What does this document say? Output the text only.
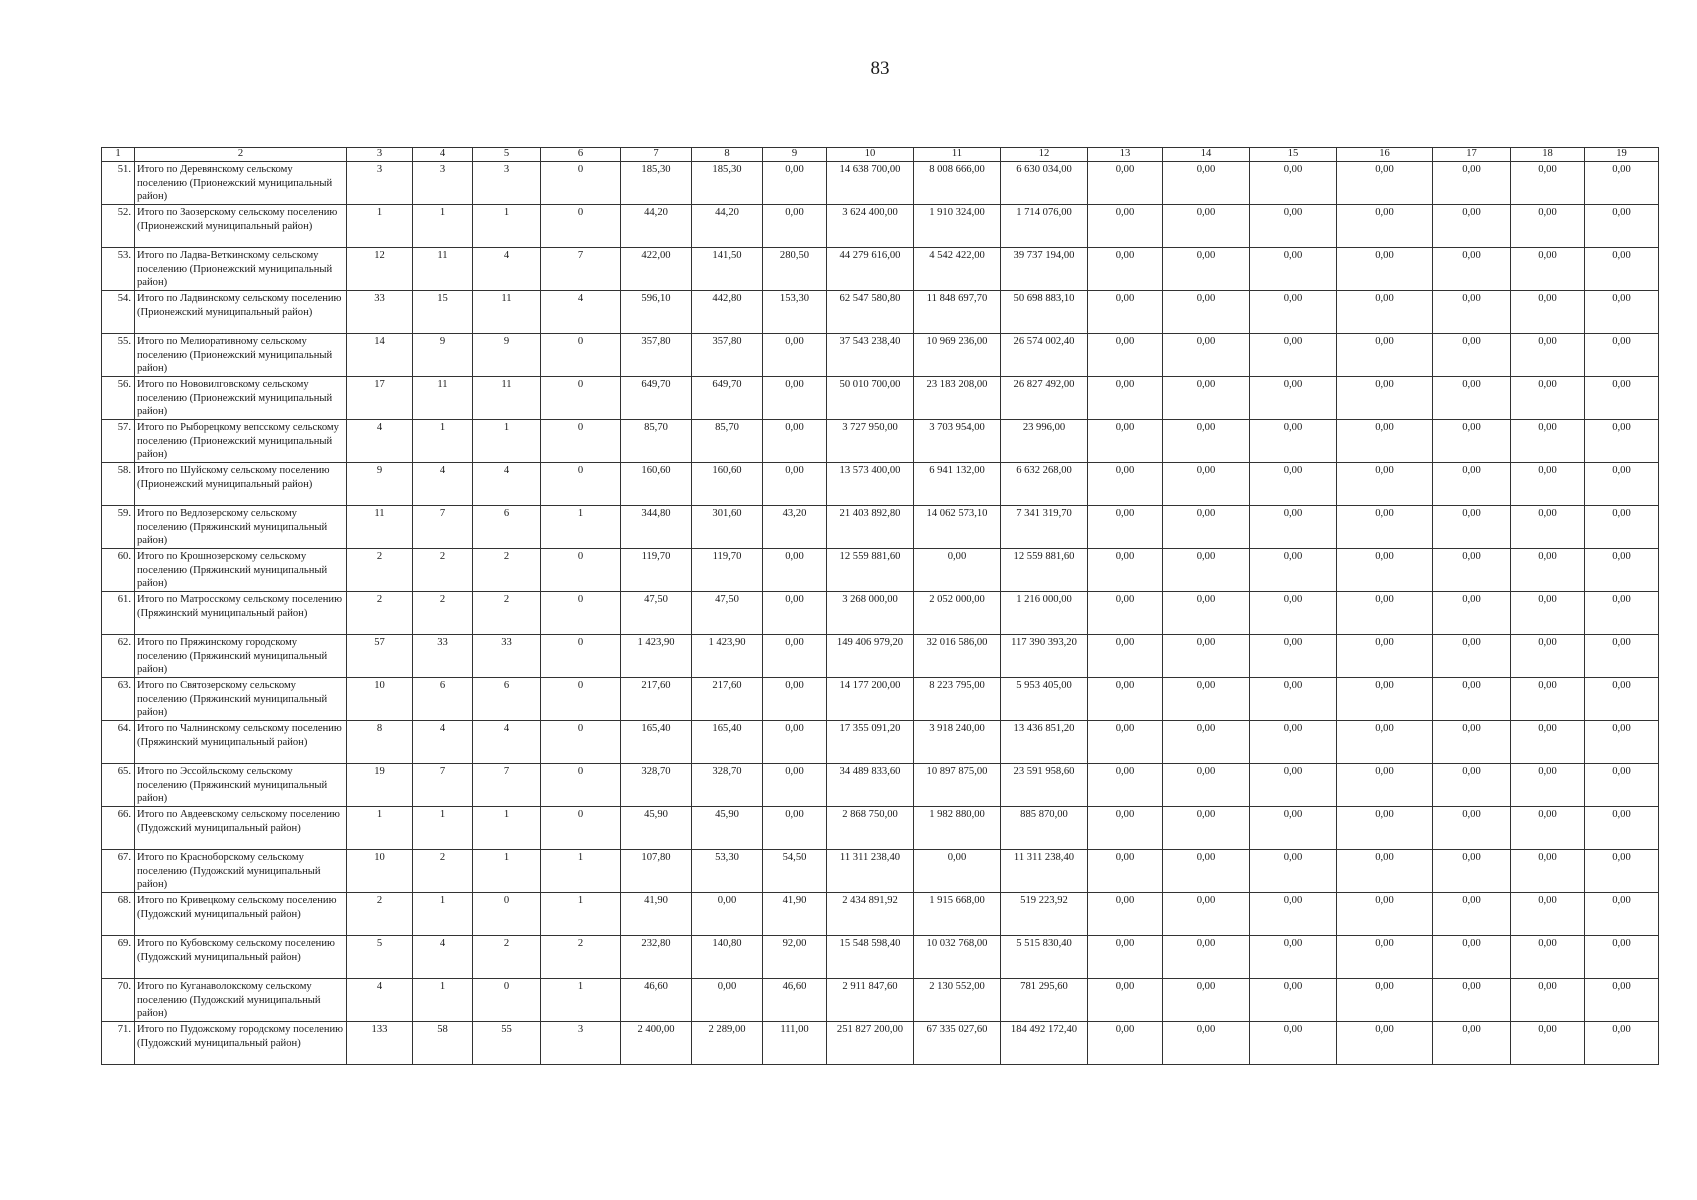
83
1	2	3	4	5	6	7	8	9	10	11	12	13	14	15	16	17	18	19
51.	Итого по Деревянскому сельскому поселению (Прионежский муниципальный район)	3	3	3	0	185,30	185,30	0,00	14 638 700,00	8 008 666,00	6 630 034,00	0,00	0,00	0,00	0,00	0,00	0,00	0,00
52.	Итого по Заозерскому сельскому поселению (Прионежский муниципальный район)	1	1	1	0	44,20	44,20	0,00	3 624 400,00	1 910 324,00	1 714 076,00	0,00	0,00	0,00	0,00	0,00	0,00	0,00
53.	Итого по Ладва-Веткинскому сельскому поселению (Прионежский муниципальный район)	12	11	4	7	422,00	141,50	280,50	44 279 616,00	4 542 422,00	39 737 194,00	0,00	0,00	0,00	0,00	0,00	0,00	0,00
54.	Итого по Ладвинскому сельскому поселению (Прионежский муниципальный район)	33	15	11	4	596,10	442,80	153,30	62 547 580,80	11 848 697,70	50 698 883,10	0,00	0,00	0,00	0,00	0,00	0,00	0,00
55.	Итого по Мелиоративному сельскому поселению (Прионежский муниципальный район)	14	9	9	0	357,80	357,80	0,00	37 543 238,40	10 969 236,00	26 574 002,40	0,00	0,00	0,00	0,00	0,00	0,00	0,00
56.	Итого по Нововилговскому сельскому поселению (Прионежский муниципальный район)	17	11	11	0	649,70	649,70	0,00	50 010 700,00	23 183 208,00	26 827 492,00	0,00	0,00	0,00	0,00	0,00	0,00	0,00
57.	Итого по Рыборецкому вепсскому сельскому поселению (Прионежский муниципальный район)	4	1	1	0	85,70	85,70	0,00	3 727 950,00	3 703 954,00	23 996,00	0,00	0,00	0,00	0,00	0,00	0,00	0,00
58.	Итого по Шуйскому сельскому поселению (Прионежский муниципальный район)	9	4	4	0	160,60	160,60	0,00	13 573 400,00	6 941 132,00	6 632 268,00	0,00	0,00	0,00	0,00	0,00	0,00	0,00
59.	Итого по Ведлозерскому сельскому поселению (Пряжинский муниципальный район)	11	7	6	1	344,80	301,60	43,20	21 403 892,80	14 062 573,10	7 341 319,70	0,00	0,00	0,00	0,00	0,00	0,00	0,00
60.	Итого по Крошнозерскому сельскому поселению (Пряжинский муниципальный район)	2	2	2	0	119,70	119,70	0,00	12 559 881,60	0,00	12 559 881,60	0,00	0,00	0,00	0,00	0,00	0,00	0,00
61.	Итого по Матросскому сельскому поселению (Пряжинский муниципальный район)	2	2	2	0	47,50	47,50	0,00	3 268 000,00	2 052 000,00	1 216 000,00	0,00	0,00	0,00	0,00	0,00	0,00	0,00
62.	Итого по Пряжинскому городскому поселению (Пряжинский муниципальный район)	57	33	33	0	1 423,90	1 423,90	0,00	149 406 979,20	32 016 586,00	117 390 393,20	0,00	0,00	0,00	0,00	0,00	0,00	0,00
63.	Итого по Святозерскому сельскому поселению (Пряжинский муниципальный район)	10	6	6	0	217,60	217,60	0,00	14 177 200,00	8 223 795,00	5 953 405,00	0,00	0,00	0,00	0,00	0,00	0,00	0,00
64.	Итого по Чалнинскому сельскому поселению (Пряжинский муниципальный район)	8	4	4	0	165,40	165,40	0,00	17 355 091,20	3 918 240,00	13 436 851,20	0,00	0,00	0,00	0,00	0,00	0,00	0,00
65.	Итого по Эссойльскому сельскому поселению (Пряжинский муниципальный район)	19	7	7	0	328,70	328,70	0,00	34 489 833,60	10 897 875,00	23 591 958,60	0,00	0,00	0,00	0,00	0,00	0,00	0,00
66.	Итого по Авдеевскому сельскому поселению (Пудожский муниципальный район)	1	1	1	0	45,90	45,90	0,00	2 868 750,00	1 982 880,00	885 870,00	0,00	0,00	0,00	0,00	0,00	0,00	0,00
67.	Итого по Красноборскому сельскому поселению (Пудожский муниципальный район)	10	2	1	1	107,80	53,30	54,50	11 311 238,40	0,00	11 311 238,40	0,00	0,00	0,00	0,00	0,00	0,00	0,00
68.	Итого по Кривецкому сельскому поселению (Пудожский муниципальный район)	2	1	0	1	41,90	0,00	41,90	2 434 891,92	1 915 668,00	519 223,92	0,00	0,00	0,00	0,00	0,00	0,00	0,00
69.	Итого по Кубовскому сельскому поселению (Пудожский муниципальный район)	5	4	2	2	232,80	140,80	92,00	15 548 598,40	10 032 768,00	5 515 830,40	0,00	0,00	0,00	0,00	0,00	0,00	0,00
70.	Итого по Куганаволокскому сельскому поселению (Пудожский муниципальный район)	4	1	0	1	46,60	0,00	46,60	2 911 847,60	2 130 552,00	781 295,60	0,00	0,00	0,00	0,00	0,00	0,00	0,00
71.	Итого по Пудожскому городскому поселению (Пудожский муниципальный район)	133	58	55	3	2 400,00	2 289,00	111,00	251 827 200,00	67 335 027,60	184 492 172,40	0,00	0,00	0,00	0,00	0,00	0,00	0,00
